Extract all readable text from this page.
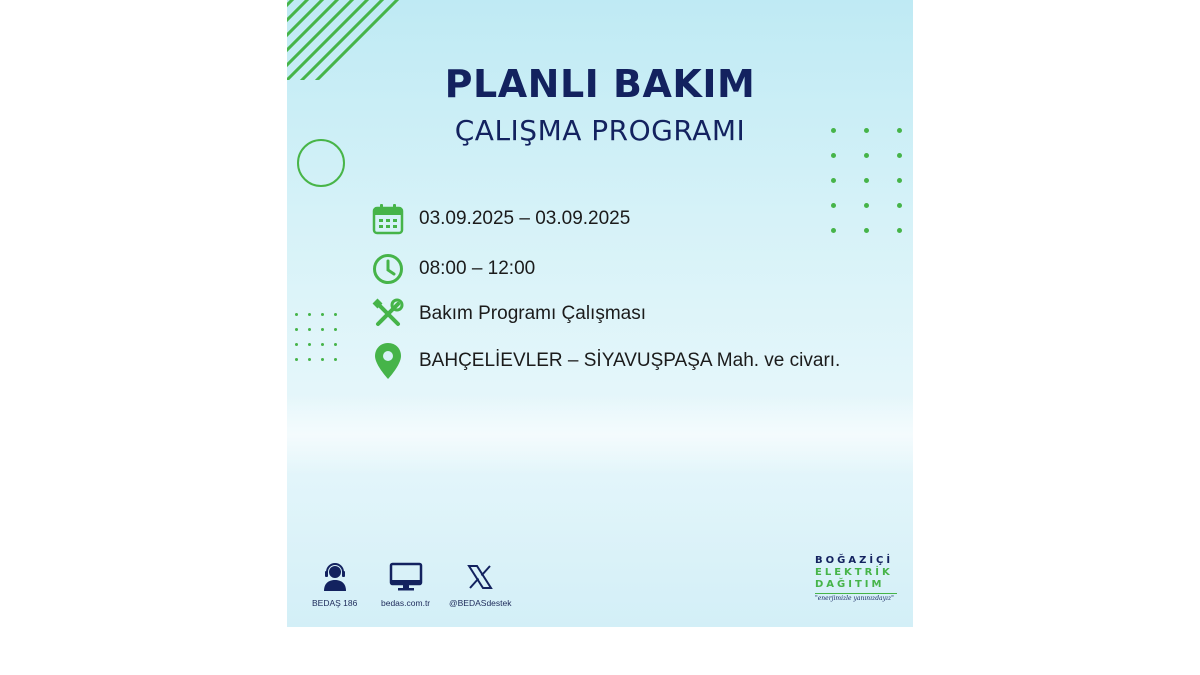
PLANLI BAKIM
ÇALIŞMA PROGRAMI
03.09.2025 – 03.09.2025
08:00 – 12:00
Bakım Programı Çalışması
BAHÇELİEVLER – SİYAVUŞPAŞA Mah. ve civarı.
BEDAŞ 186	bedas.com.tr @BEDASdestek
BOĞAZİÇİ
ELEKTRİK
DAĞITIM
"enerjimizle yanınızdayız"
